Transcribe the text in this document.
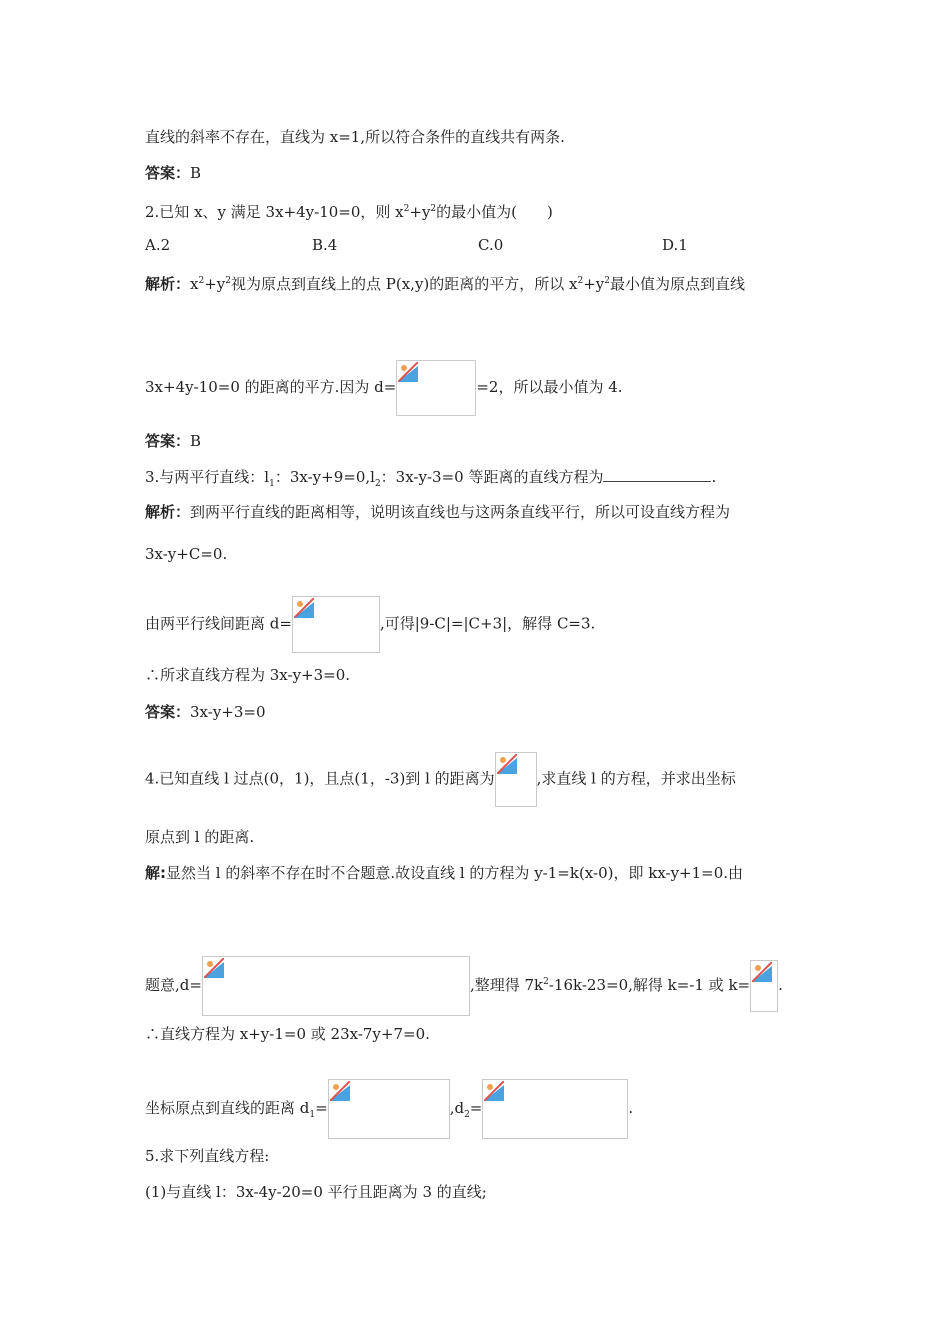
直线的斜率不存在，直线为 x=1,所以符合条件的直线共有两条.
答案：B
2.已知 x、y 满足 3x+4y-10=0，则 $x^2+y^2$的最小值为(　　)
A.2	B.4	C.0	D.1
解析：$x^2+y^2$视为原点到直线上的点 P(x,y)的距离的平方，所以 $x^2+y^2$最小值为原点到直线
3x+4y-10=0 的距离的平方.因为 d=	=2，所以最小值为 4.
答案：B
3.与两平行直线：$l_1$：$3x-y+9=0,l_2$：3x-y-3=0 等距离的直线方程为	.
解析：到两平行直线的距离相等，说明该直线也与这两条直线平行，所以可设直线方程为
3x-y+C=0.
由两平行线间距离 d=	,可得|9-C|=|C+3|，解得 C=3.
∴所求直线方程为 3x-y+3=0.
答案：3x-y+3=0
4.已知直线 l 过点(0，1)，且点(1，-3)到 l 的距离为	,求直线 l 的方程，并求出坐标
原点到 l 的距离.
解:显然当 l 的斜率不存在时不合题意.故设直线 l 的方程为 y-1=k(x-0)，即 kx-y+1=0.由
题意,d=	,整理得 $7k^2-16k-23=0$,解得 k=-1 或 k= .
∴直线方程为 x+y-1=0 或 23x-7y+7=0.
坐标原点到直线的距离 $d_1=$	$,d_2=$	.
5.求下列直线方程:
(1)与直线 l：3x-4y-20=0 平行且距离为 3 的直线;
